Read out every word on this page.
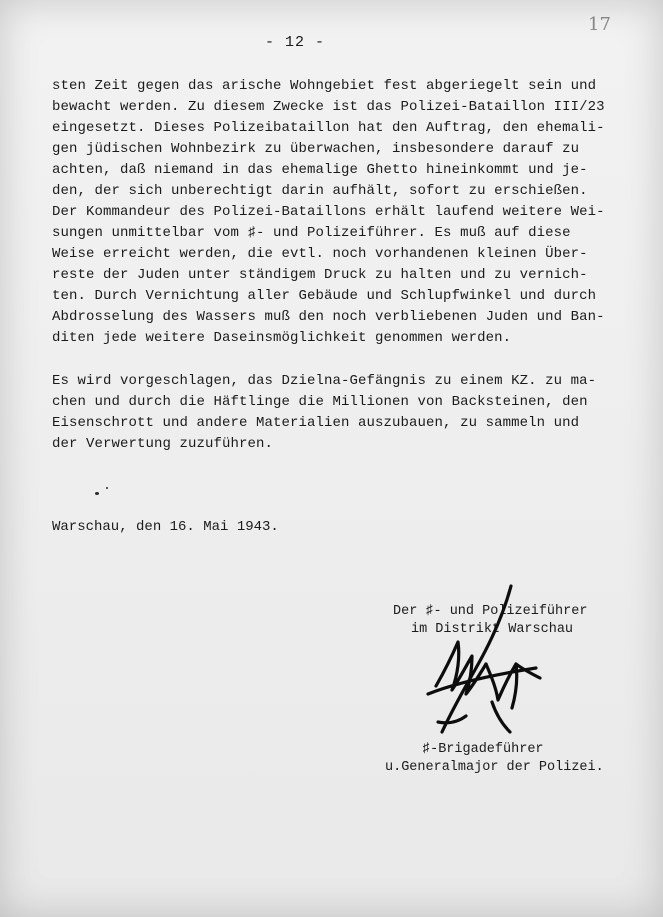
- 12 -
17
sten Zeit gegen das arische Wohngebiet fest abgeriegelt sein und
bewacht werden. Zu diesem Zwecke ist das Polizei-Bataillon III/23
eingesetzt. Dieses Polizeibataillon hat den Auftrag, den ehemali-
gen jüdischen Wohnbezirk zu überwachen, insbesondere darauf zu
achten, daß niemand in das ehemalige Ghetto hineinkommt und je-
den, der sich unberechtigt darin aufhält, sofort zu erschießen.
Der Kommandeur des Polizei-Bataillons erhält laufend weitere Wei-
sungen unmittelbar vom ♯- und Polizeiführer. Es muß auf diese
Weise erreicht werden, die evtl. noch vorhandenen kleinen Über-
reste der Juden unter ständigem Druck zu halten und zu vernich-
ten. Durch Vernichtung aller Gebäude und Schlupfwinkel und durch
Abdrosselung des Wassers muß den noch verbliebenen Juden und Ban-
diten jede weitere Daseinsmöglichkeit genommen werden.
Es wird vorgeschlagen, das Dzielna-Gefängnis zu einem KZ. zu ma-
chen und durch die Häftlinge die Millionen von Backsteinen, den
Eisenschrott und andere Materialien auszubauen, zu sammeln und
der Verwertung zuzuführen.
Warschau, den 16. Mai 1943.
Der ♯- und Polizeiführer
im Distrikt Warschau
♯-Brigadeführer
u.Generalmajor der Polizei.
